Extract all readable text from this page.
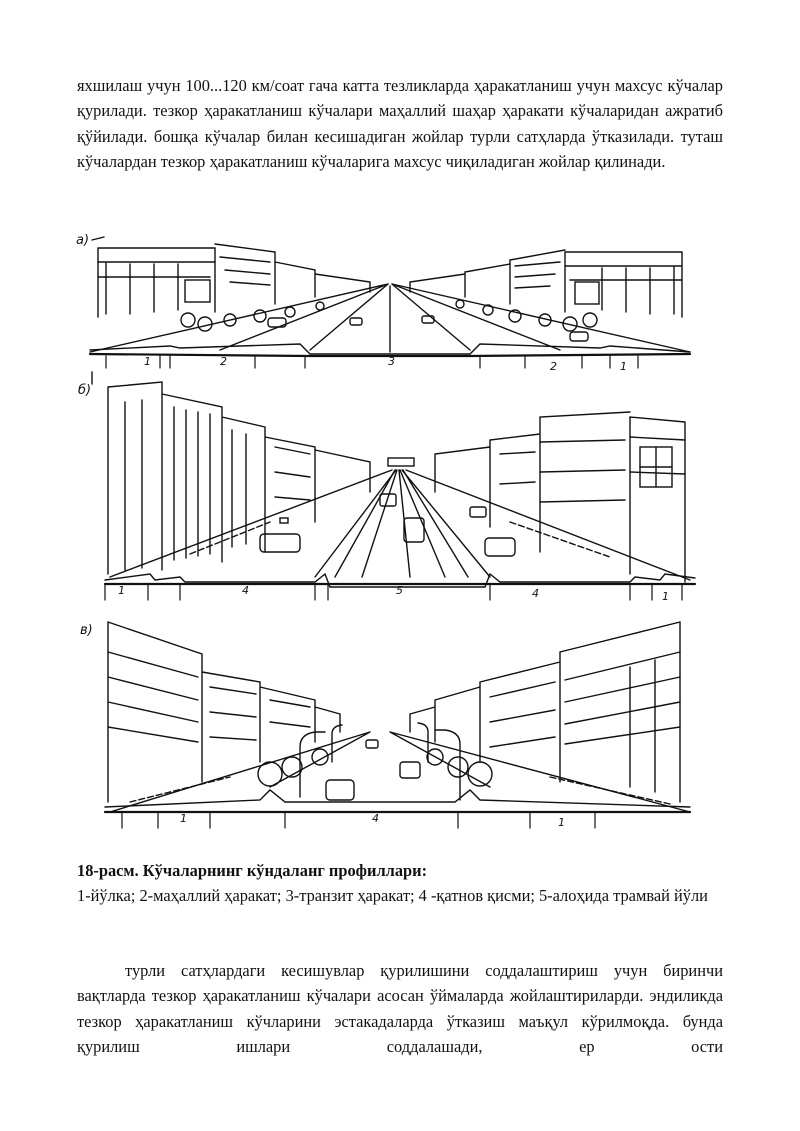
яхшилаш учун 100...120 км/соат гача катта тезликларда ҳаракатланиш учун махсус кўчалар қурилади. тезкор ҳаракатланиш кўчалари маҳаллий шаҳар ҳаракати кўчаларидан ажратиб қўйилади. бошқа кўчалар билан кесишадиган жойлар турли сатҳларда ўтказилади. туташ кўчалардан тезкор ҳаракатланиш кўчаларига махсус чиқиладиган жойлар қилинади.

а)
1	2	3	2	1
б)
1	4	5	4	1
в)
1	4	1

18-расм. Кўчаларнинг кўндаланг профиллари:

1-йўлка; 2-маҳаллий ҳаракат; 3-транзит ҳаракат; 4 -қатнов қисми; 5-алоҳида трамвай йўли

турли сатҳлардаги кесишувлар қурилишини соддалаштириш учун биринчи вақтларда тезкор ҳаракатланиш кўчалари асосан ўймаларда жойлаштириларди. эндиликда тезкор ҳаракатланиш кўчларини эстакадаларда ўтказиш маъқул кўрилмоқда. бунда қурилиш ишлари соддалашади, ер ости
